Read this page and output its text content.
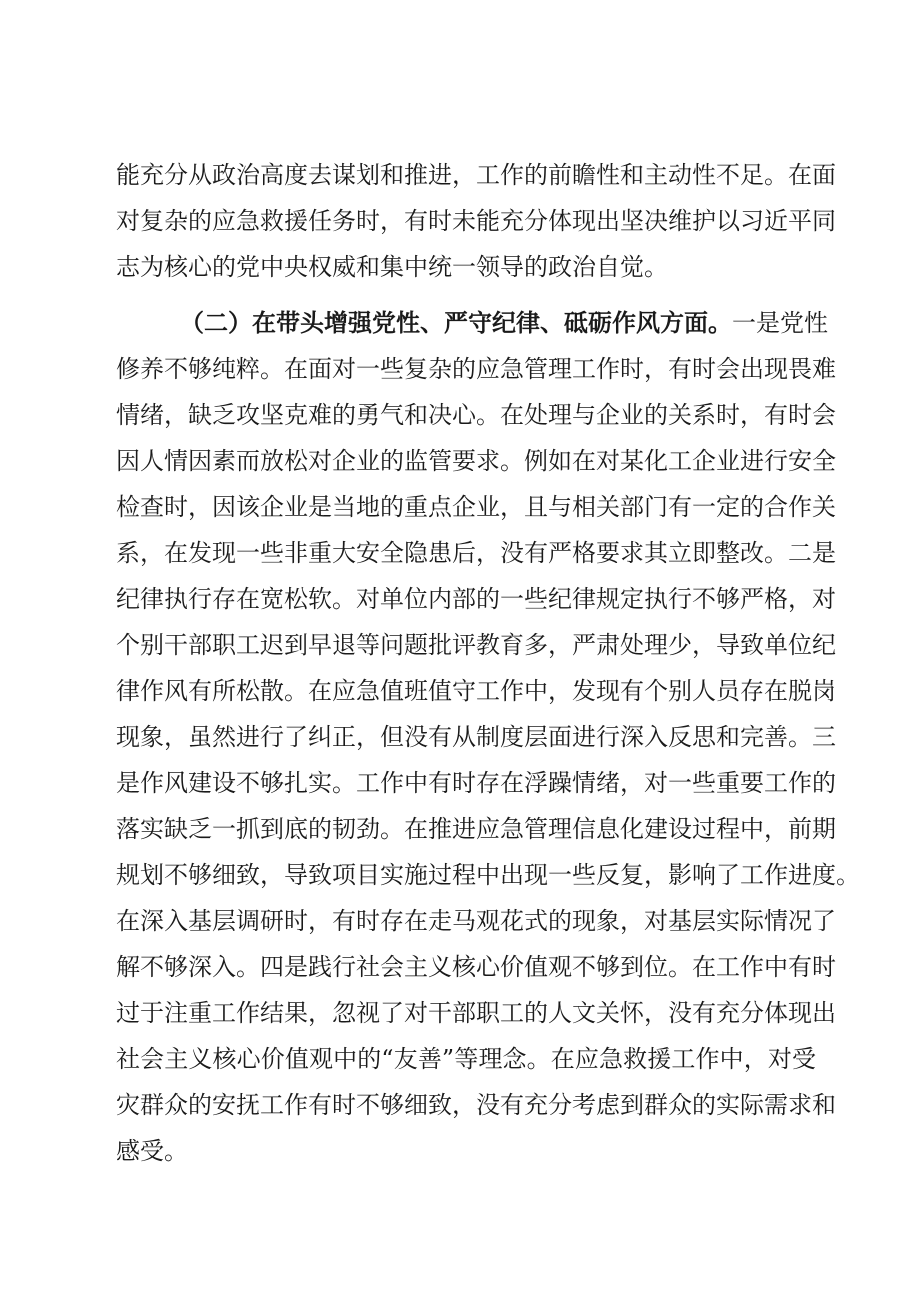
能充分从政治高度去谋划和推进，工作的前瞻性和主动性不足。在面
对复杂的应急救援任务时，有时未能充分体现出坚决维护以习近平同
志为核心的党中央权威和集中统一领导的政治自觉。
（二）在带头增强党性、严守纪律、砥砺作风方面。一是党性
修养不够纯粹。在面对一些复杂的应急管理工作时，有时会出现畏难
情绪，缺乏攻坚克难的勇气和决心。在处理与企业的关系时，有时会
因人情因素而放松对企业的监管要求。例如在对某化工企业进行安全
检查时，因该企业是当地的重点企业，且与相关部门有一定的合作关
系，在发现一些非重大安全隐患后，没有严格要求其立即整改。二是
纪律执行存在宽松软。对单位内部的一些纪律规定执行不够严格，对
个别干部职工迟到早退等问题批评教育多，严肃处理少，导致单位纪
律作风有所松散。在应急值班值守工作中，发现有个别人员存在脱岗
现象，虽然进行了纠正，但没有从制度层面进行深入反思和完善。三
是作风建设不够扎实。工作中有时存在浮躁情绪，对一些重要工作的
落实缺乏一抓到底的韧劲。在推进应急管理信息化建设过程中，前期
规划不够细致，导致项目实施过程中出现一些反复，影响了工作进度。
在深入基层调研时，有时存在走马观花式的现象，对基层实际情况了
解不够深入。四是践行社会主义核心价值观不够到位。在工作中有时
过于注重工作结果，忽视了对干部职工的人文关怀，没有充分体现出
社会主义核心价值观中的“友善”等理念。在应急救援工作中，对受
灾群众的安抚工作有时不够细致，没有充分考虑到群众的实际需求和
感受。
